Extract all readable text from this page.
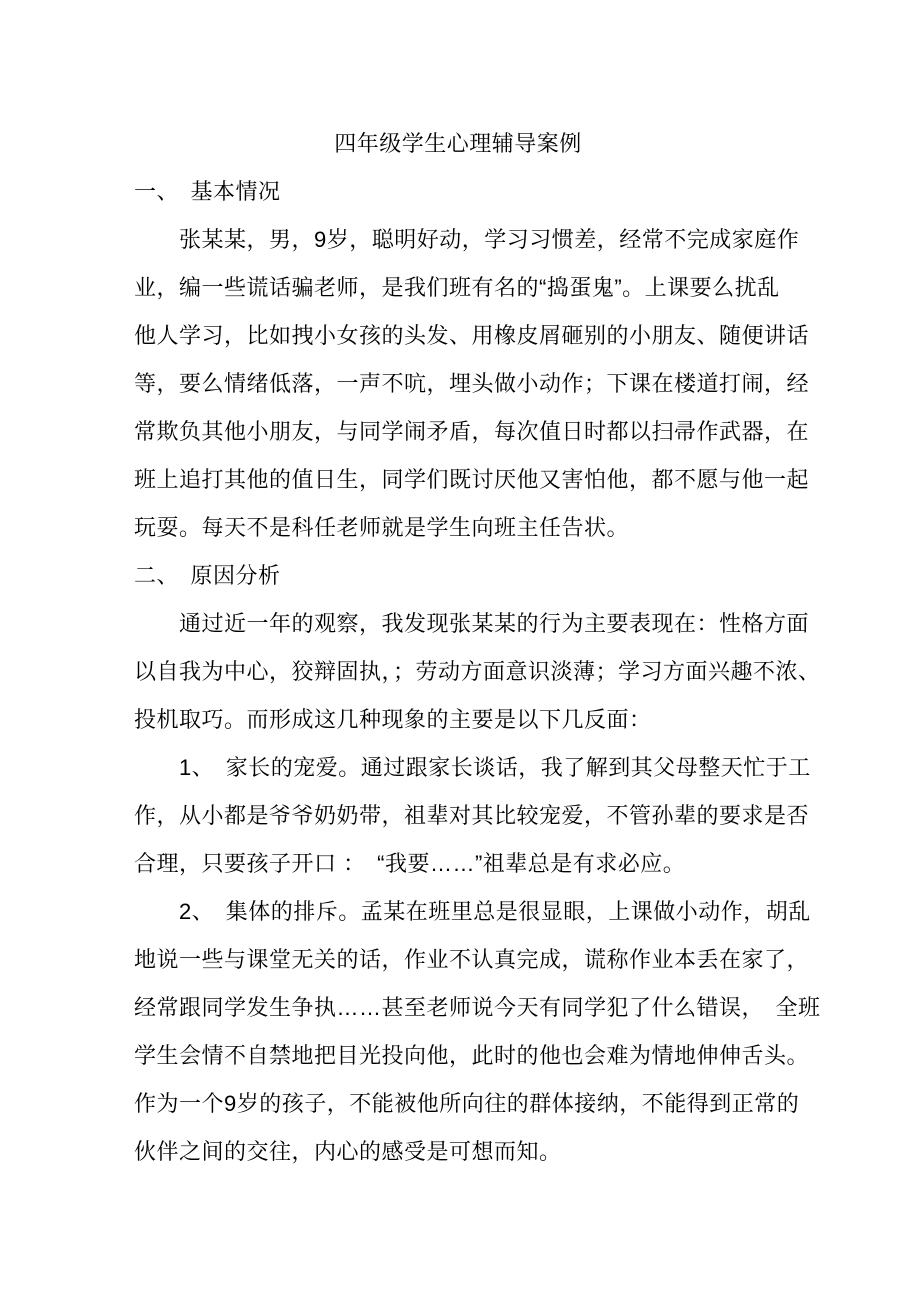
四年级学生心理辅导案例
一、　基本情况
　　张某某，男，9岁，聪明好动，学习习惯差，经常不完成家庭作
业，编一些谎话骗老师，是我们班有名的“捣蛋鬼”。上课要么扰乱
他人学习，比如拽小女孩的头发、用橡皮屑砸别的小朋友、随便讲话
等，要么情绪低落，一声不吭，埋头做小动作；下课在楼道打闹，经
常欺负其他小朋友，与同学闹矛盾，每次值日时都以扫帚作武器，在
班上追打其他的值日生，同学们既讨厌他又害怕他，都不愿与他一起
玩耍。每天不是科任老师就是学生向班主任告状。
二、　原因分析
　　通过近一年的观察，我发现张某某的行为主要表现在：性格方面
以自我为中心，狡辩固执，；劳动方面意识淡薄；学习方面兴趣不浓、
投机取巧。而形成这几种现象的主要是以下几反面：
　　1、　家长的宠爱。通过跟家长谈话，我了解到其父母整天忙于工
作，从小都是爷爷奶奶带，祖辈对其比较宠爱，不管孙辈的要求是否
合理，只要孩子开口 ：　“我要……”祖辈总是有求必应。
　　2、　集体的排斥。孟某在班里总是很显眼，上课做小动作，胡乱
地说一些与课堂无关的话，作业不认真完成，谎称作业本丢在家了，
经常跟同学发生争执……甚至老师说今天有同学犯了什么错误，　全班
学生会情不自禁地把目光投向他，此时的他也会难为情地伸伸舌头。
作为一个9岁的孩子，不能被他所向往的群体接纳，不能得到正常的
伙伴之间的交往，内心的感受是可想而知。
